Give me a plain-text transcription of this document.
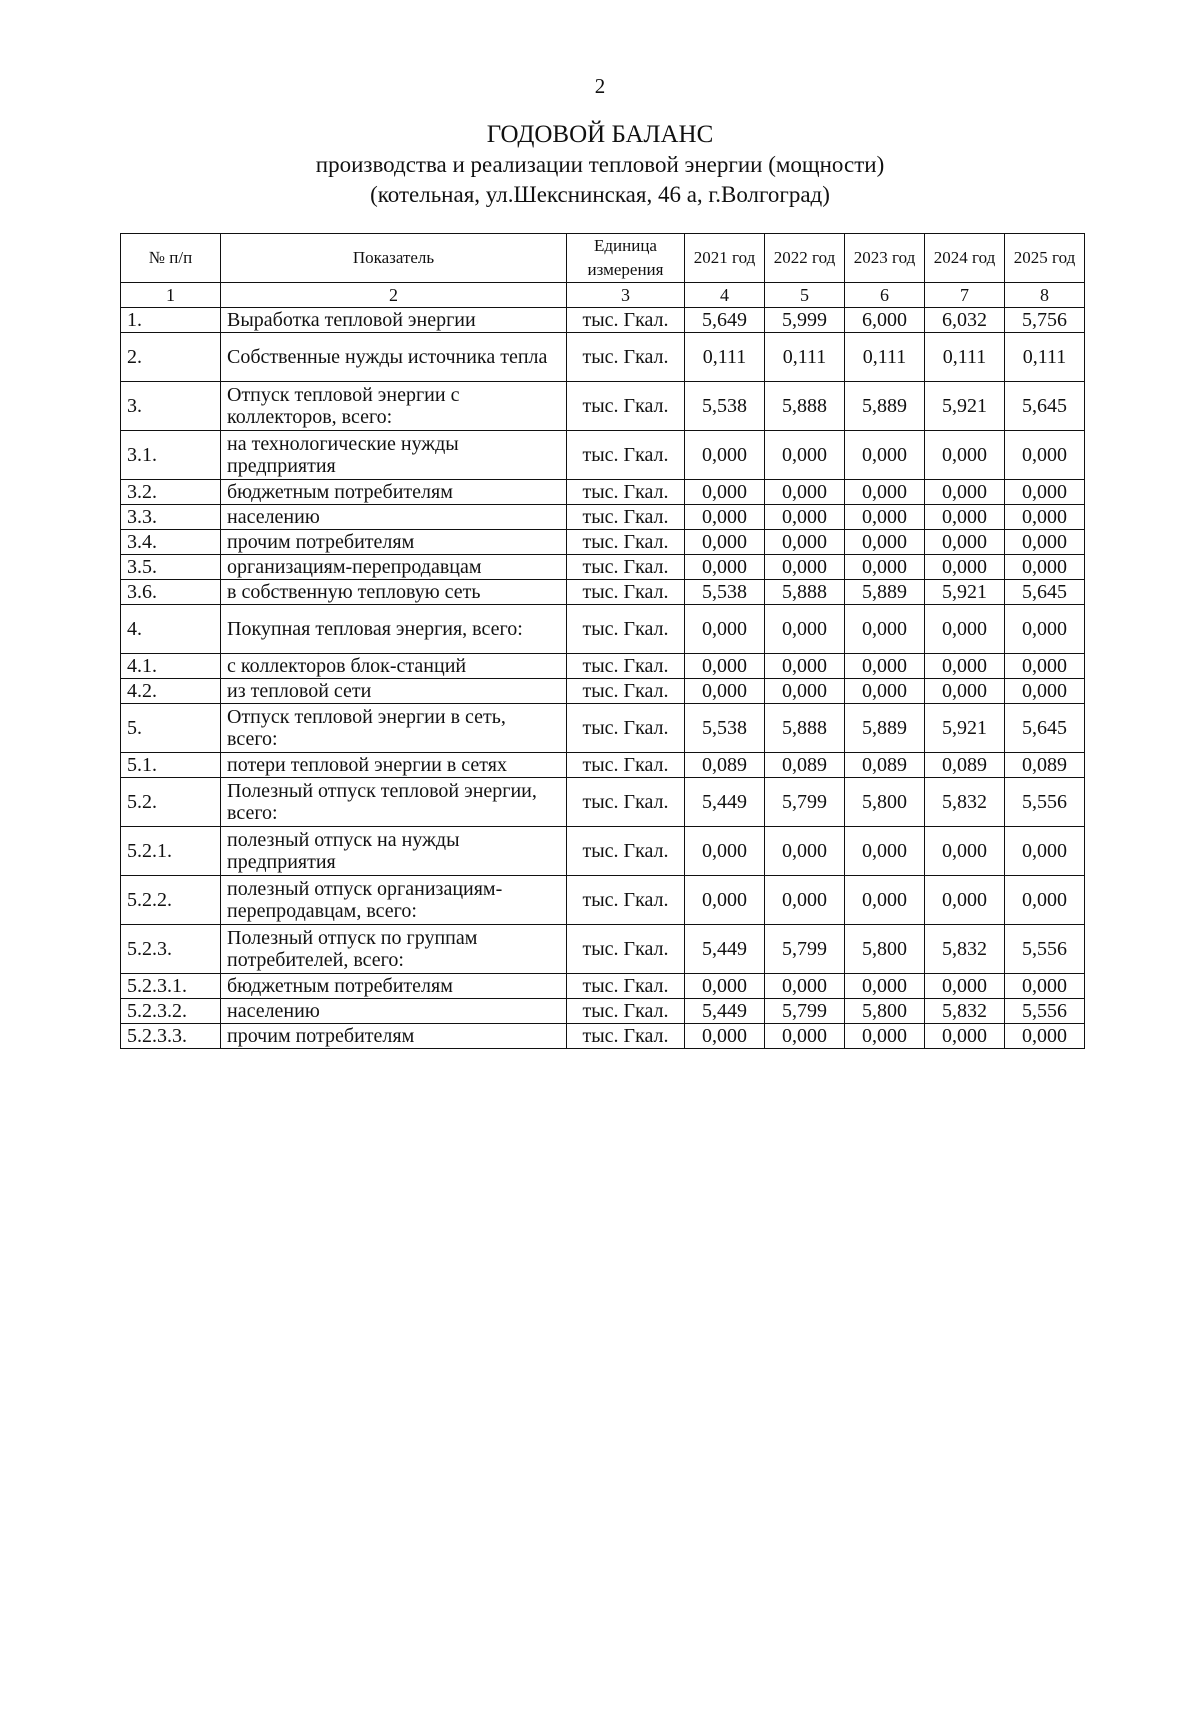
2
ГОДОВОЙ БАЛАНС
производства и реализации тепловой энергии (мощности)
(котельная, ул.Шекснинская, 46 а, г.Волгоград)
№ п/п	Показатель	Единица измерения	2021 год	2022 год	2023 год	2024 год	2025 год
1	2	3	4	5	6	7	8
1.	Выработка тепловой энергии	тыс. Гкал.	5,649	5,999	6,000	6,032	5,756
2.	Собственные нужды источника тепла	тыс. Гкал.	0,111	0,111	0,111	0,111	0,111
3.	Отпуск тепловой энергии с коллекторов, всего:	тыс. Гкал.	5,538	5,888	5,889	5,921	5,645
3.1.	на технологические нужды предприятия	тыс. Гкал.	0,000	0,000	0,000	0,000	0,000
3.2.	бюджетным потребителям	тыс. Гкал.	0,000	0,000	0,000	0,000	0,000
3.3.	населению	тыс. Гкал.	0,000	0,000	0,000	0,000	0,000
3.4.	прочим потребителям	тыс. Гкал.	0,000	0,000	0,000	0,000	0,000
3.5.	организациям-перепродавцам	тыс. Гкал.	0,000	0,000	0,000	0,000	0,000
3.6.	в собственную тепловую сеть	тыс. Гкал.	5,538	5,888	5,889	5,921	5,645
4.	Покупная тепловая энергия, всего:	тыс. Гкал.	0,000	0,000	0,000	0,000	0,000
4.1.	с коллекторов блок-станций	тыс. Гкал.	0,000	0,000	0,000	0,000	0,000
4.2.	из тепловой сети	тыс. Гкал.	0,000	0,000	0,000	0,000	0,000
5.	Отпуск тепловой энергии в сеть, всего:	тыс. Гкал.	5,538	5,888	5,889	5,921	5,645
5.1.	потери тепловой энергии в сетях	тыс. Гкал.	0,089	0,089	0,089	0,089	0,089
5.2.	Полезный отпуск тепловой энергии, всего:	тыс. Гкал.	5,449	5,799	5,800	5,832	5,556
5.2.1.	полезный отпуск на нужды предприятия	тыс. Гкал.	0,000	0,000	0,000	0,000	0,000
5.2.2.	полезный отпуск организациям-перепродавцам, всего:	тыс. Гкал.	0,000	0,000	0,000	0,000	0,000
5.2.3.	Полезный отпуск по группам потребителей, всего:	тыс. Гкал.	5,449	5,799	5,800	5,832	5,556
5.2.3.1.	бюджетным потребителям	тыс. Гкал.	0,000	0,000	0,000	0,000	0,000
5.2.3.2.	населению	тыс. Гкал.	5,449	5,799	5,800	5,832	5,556
5.2.3.3.	прочим потребителям	тыс. Гкал.	0,000	0,000	0,000	0,000	0,000
